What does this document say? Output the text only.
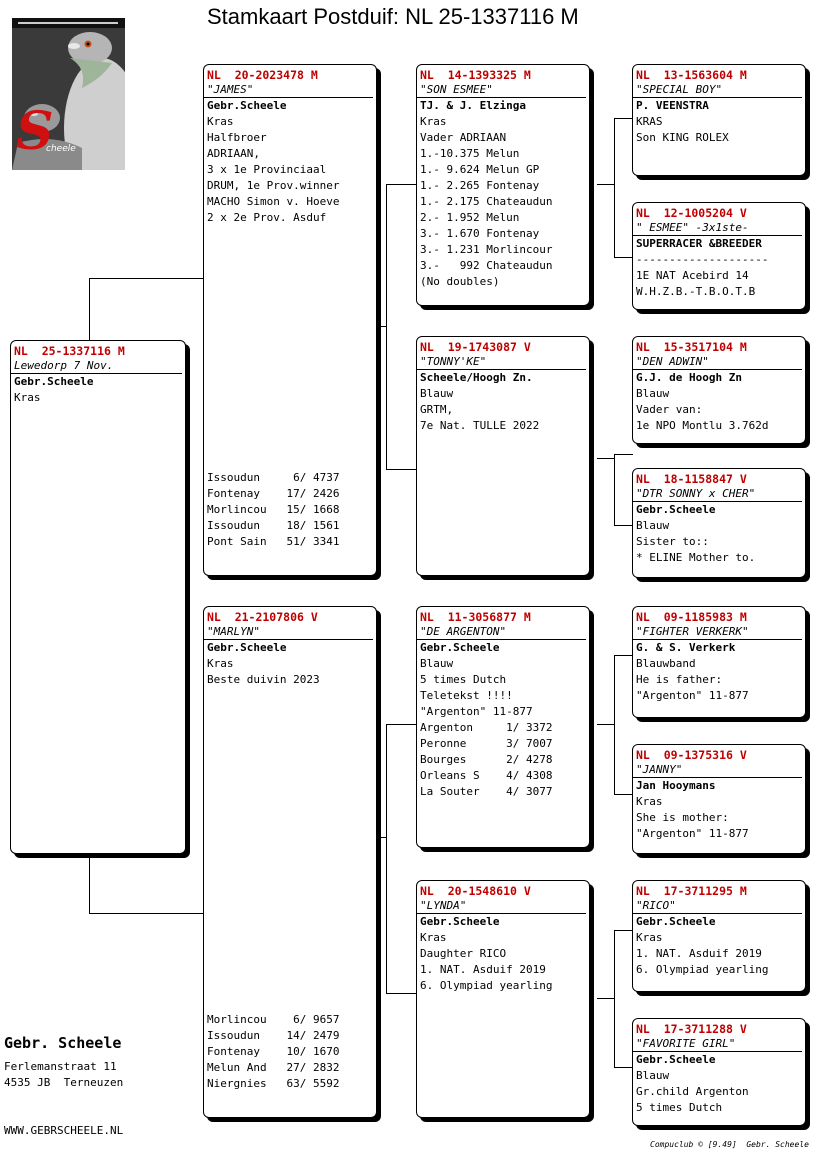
Stamkaart Postduif: NL 25-1337116 M
S
cheele
NL  25-1337116 M
Lewedorp 7 Nov.
Gebr.Scheele
Kras
NL  20-2023478 M
"JAMES"
Gebr.Scheele
Kras
Halfbroer
ADRIAAN,
3 x 1e Provinciaal
DRUM, 1e Prov.winner
MACHO Simon v. Hoeve
2 x 2e Prov. Asduf
Issoudun     6/ 4737
Fontenay    17/ 2426
Morlincou   15/ 1668
Issoudun    18/ 1561
Pont Sain   51/ 3341
NL  21-2107806 V
"MARLYN"
Gebr.Scheele
Kras
Beste duivin 2023
Morlincou    6/ 9657
Issoudun    14/ 2479
Fontenay    10/ 1670
Melun And   27/ 2832
Niergnies   63/ 5592
NL  14-1393325 M
"SON ESMEE"
TJ. & J. Elzinga
Kras
Vader ADRIAAN
1.-10.375 Melun
1.- 9.624 Melun GP
1.- 2.265 Fontenay
1.- 2.175 Chateaudun
2.- 1.952 Melun
3.- 1.670 Fontenay
3.- 1.231 Morlincour
3.-   992 Chateaudun
(No doubles)
NL  19-1743087 V
"TONNY'KE"
Scheele/Hoogh Zn.
Blauw
GRTM,
7e Nat. TULLE 2022
NL  11-3056877 M
"DE ARGENTON"
Gebr.Scheele
Blauw
5 times Dutch
Teletekst !!!!
"Argenton" 11-877
Argenton     1/ 3372
Peronne      3/ 7007
Bourges      2/ 4278
Orleans S    4/ 4308
La Souter    4/ 3077
NL  20-1548610 V
"LYNDA"
Gebr.Scheele
Kras
Daughter RICO
1. NAT. Asduif 2019
6. Olympiad yearling
NL  13-1563604 M
"SPECIAL BOY"
P. VEENSTRA
KRAS
Son KING ROLEX
NL  12-1005204 V
" ESMEE" -3x1ste-
SUPERRACER &BREEDER
--------------------
1E NAT Acebird 14
W.H.Z.B.-T.B.O.T.B
NL  15-3517104 M
"DEN ADWIN"
G.J. de Hoogh Zn
Blauw
Vader van:
1e NPO Montlu 3.762d
NL  18-1158847 V
"DTR SONNY x CHER"
Gebr.Scheele
Blauw
Sister to::
* ELINE Mother to.
NL  09-1185983 M
"FIGHTER VERKERK"
G. & S. Verkerk
Blauwband
He is father:
"Argenton" 11-877
NL  09-1375316 V
"JANNY"
Jan Hooymans
Kras
She is mother:
"Argenton" 11-877
NL  17-3711295 M
"RICO"
Gebr.Scheele
Kras
1. NAT. Asduif 2019
6. Olympiad yearling
NL  17-3711288 V
"FAVORITE GIRL"
Gebr.Scheele
Blauw
Gr.child Argenton
5 times Dutch
Gebr. Scheele
Ferlemanstraat 11
4535 JB  Terneuzen
WWW.GEBRSCHEELE.NL
Compuclub © [9.49]  Gebr. Scheele
